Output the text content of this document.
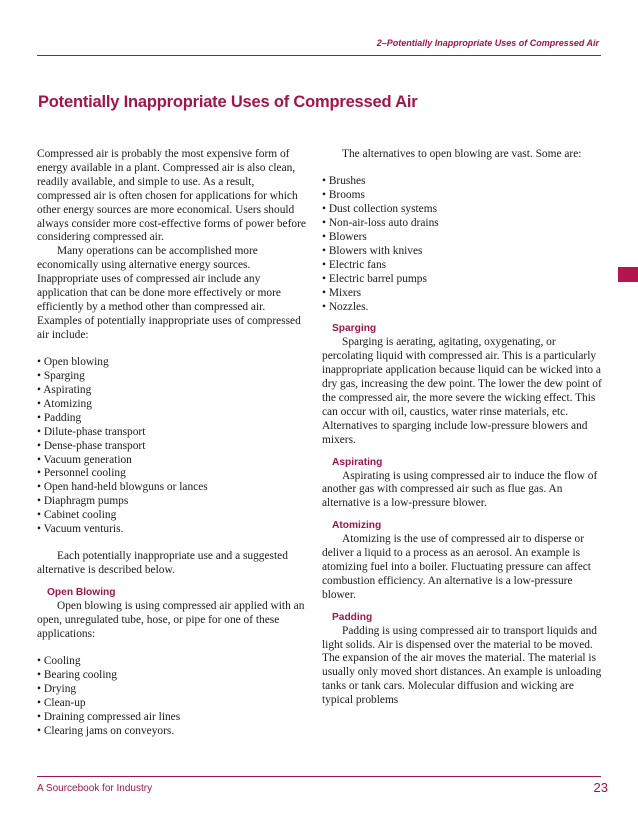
2–Potentially Inappropriate Uses of Compressed Air
Potentially Inappropriate Uses of Compressed Air

Compressed air is probably the most expensive form of energy available in a plant. Compressed air is also clean, readily available, and simple to use. As a result, compressed air is often chosen for applications for which other energy sources are more economical. Users should always consider more cost-effective forms of power before considering compressed air.

Many operations can be accomplished more economically using alternative energy sources. Inappropriate uses of compressed air include any application that can be done more effectively or more efficiently by a method other than compressed air. Examples of potentially inappropriate uses of compressed air include:

• Open blowing
• Sparging
• Aspirating
• Atomizing
• Padding
• Dilute-phase transport
• Dense-phase transport
• Vacuum generation
• Personnel cooling
• Open hand-held blowguns or lances
• Diaphragm pumps
• Cabinet cooling
• Vacuum venturis.

Each potentially inappropriate use and a suggested alternative is described below.

Open Blowing

Open blowing is using compressed air applied with an open, unregulated tube, hose, or pipe for one of these applications:

• Cooling
• Bearing cooling
• Drying
• Clean-up
• Draining compressed air lines
• Clearing jams on conveyors.

The alternatives to open blowing are vast. Some are:

• Brushes
• Brooms
• Dust collection systems
• Non-air-loss auto drains
• Blowers
• Blowers with knives
• Electric fans
• Electric barrel pumps
• Mixers
• Nozzles.
Sparging

Sparging is aerating, agitating, oxygenating, or percolating liquid with compressed air. This is a particularly inappropriate application because liquid can be wicked into a dry gas, increasing the dew point. The lower the dew point of the compressed air, the more severe the wicking effect. This can occur with oil, caustics, water rinse materials, etc. Alternatives to sparging include low-pressure blowers and mixers.

Aspirating

Aspirating is using compressed air to induce the flow of another gas with compressed air such as flue gas. An alternative is a low-pressure blower.

Atomizing

Atomizing is the use of compressed air to disperse or deliver a liquid to a process as an aerosol. An example is atomizing fuel into a boiler. Fluctuating pressure can affect combustion efficiency. An alternative is a low-pressure blower.

Padding

Padding is using compressed air to transport liquids and light solids. Air is dispensed over the material to be moved. The expansion of the air moves the material. The material is usually only moved short distances. An example is unloading tanks or tank cars. Molecular diffusion and wicking are typical problems

A Sourcebook for Industry	23
